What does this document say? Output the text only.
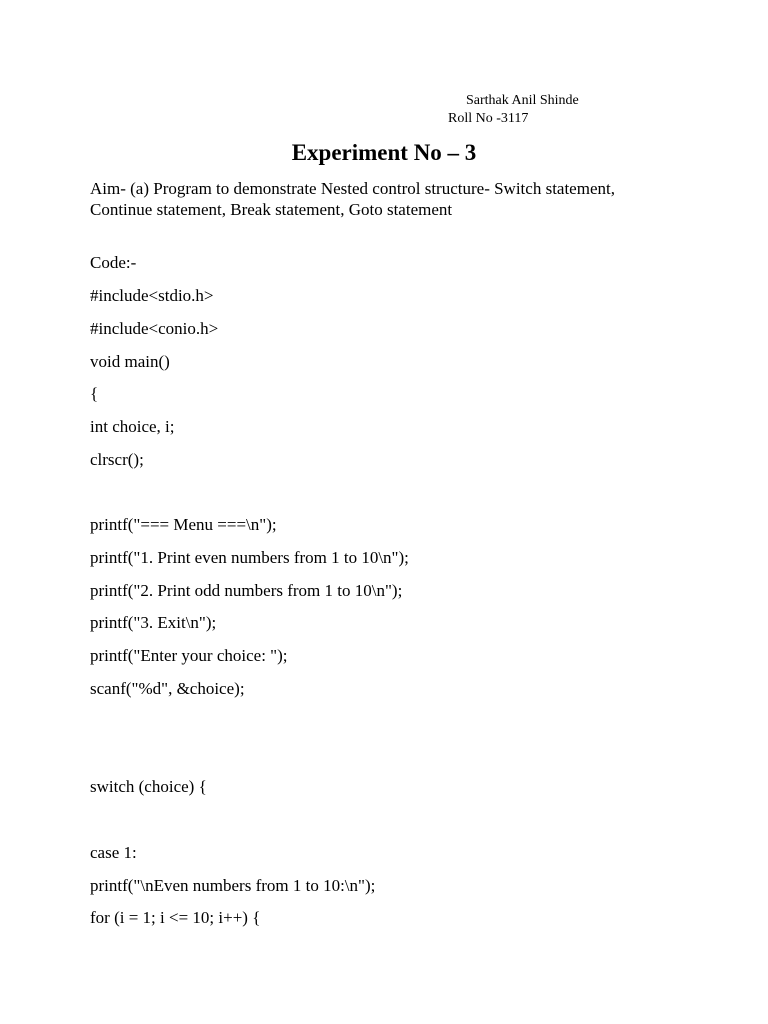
Sarthak Anil Shinde
Roll No -3117
Experiment No – 3
Aim- (a) Program to demonstrate Nested control structure- Switch statement,
Continue statement, Break statement, Goto statement
Code:-
#include<stdio.h>
#include<conio.h>
void main()
{
int choice, i;
clrscr();
printf("=== Menu ===\n");
printf("1. Print even numbers from 1 to 10\n");
printf("2. Print odd numbers from 1 to 10\n");
printf("3. Exit\n");
printf("Enter your choice: ");
scanf("%d", &choice);
switch (choice) {
case 1:
printf("\nEven numbers from 1 to 10:\n");
for (i = 1; i <= 10; i++) {
